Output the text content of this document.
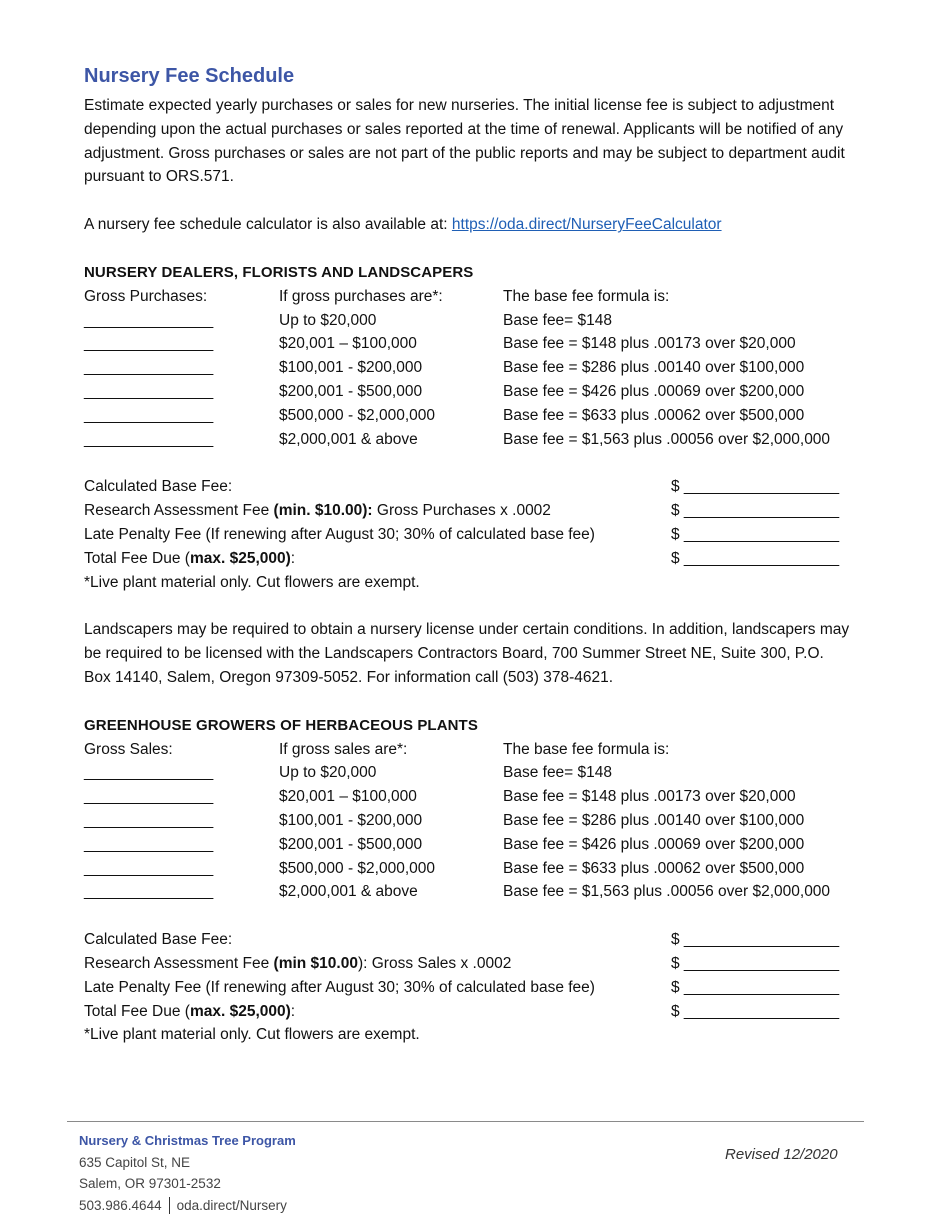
Nursery Fee Schedule

Estimate expected yearly purchases or sales for new nurseries. The initial license fee is subject to adjustment depending upon the actual purchases or sales reported at the time of renewal. Applicants will be notified of any adjustment. Gross purchases or sales are not part of the public reports and may be subject to department audit pursuant to ORS.571.

A nursery fee schedule calculator is also available at: https://oda.direct/NurseryFeeCalculator

NURSERY DEALERS, FLORISTS AND LANDSCAPERS
Gross Purchases:	If gross purchases are*:	The base fee formula is:
_______________	Up to $20,000	Base fee= $148
_______________	$20,001 – $100,000	Base fee = $148 plus .00173 over $20,000
_______________	$100,001 - $200,000	Base fee = $286 plus .00140 over $100,000
_______________	$200,001 - $500,000	Base fee = $426 plus .00069 over $200,000
_______________	$500,000 - $2,000,000	Base fee = $633 plus .00062 over $500,000
_______________	$2,000,001 & above	Base fee = $1,563 plus .00056 over $2,000,000
Calculated Base Fee:	$ __________________
Research Assessment Fee (min. $10.00): Gross Purchases x .0002	$ __________________
Late Penalty Fee (If renewing after August 30; 30% of calculated base fee)	$ __________________
Total Fee Due (max. $25,000):	$ __________________

*Live plant material only. Cut flowers are exempt.

Landscapers may be required to obtain a nursery license under certain conditions. In addition, landscapers may be required to be licensed with the Landscapers Contractors Board, 700 Summer Street NE, Suite 300, P.O. Box 14140, Salem, Oregon 97309-5052. For information call (503) 378-4621.

GREENHOUSE GROWERS OF HERBACEOUS PLANTS
Gross Sales:	If gross sales are*:	The base fee formula is:
_______________	Up to $20,000	Base fee= $148
_______________	$20,001 – $100,000	Base fee = $148 plus .00173 over $20,000
_______________	$100,001 - $200,000	Base fee = $286 plus .00140 over $100,000
_______________	$200,001 - $500,000	Base fee = $426 plus .00069 over $200,000
_______________	$500,000 - $2,000,000	Base fee = $633 plus .00062 over $500,000
_______________	$2,000,001 & above	Base fee = $1,563 plus .00056 over $2,000,000
Calculated Base Fee:	$ __________________
Research Assessment Fee (min $10.00): Gross Sales x .0002	$ __________________
Late Penalty Fee (If renewing after August 30; 30% of calculated base fee)	$ __________________
Total Fee Due (max. $25,000):	$ __________________

*Live plant material only. Cut flowers are exempt.

Nursery & Christmas Tree Program
635 Capitol St, NE
Salem, OR 97301-2532
503.986.4644 oda.direct/Nursery
Revised 12/2020
